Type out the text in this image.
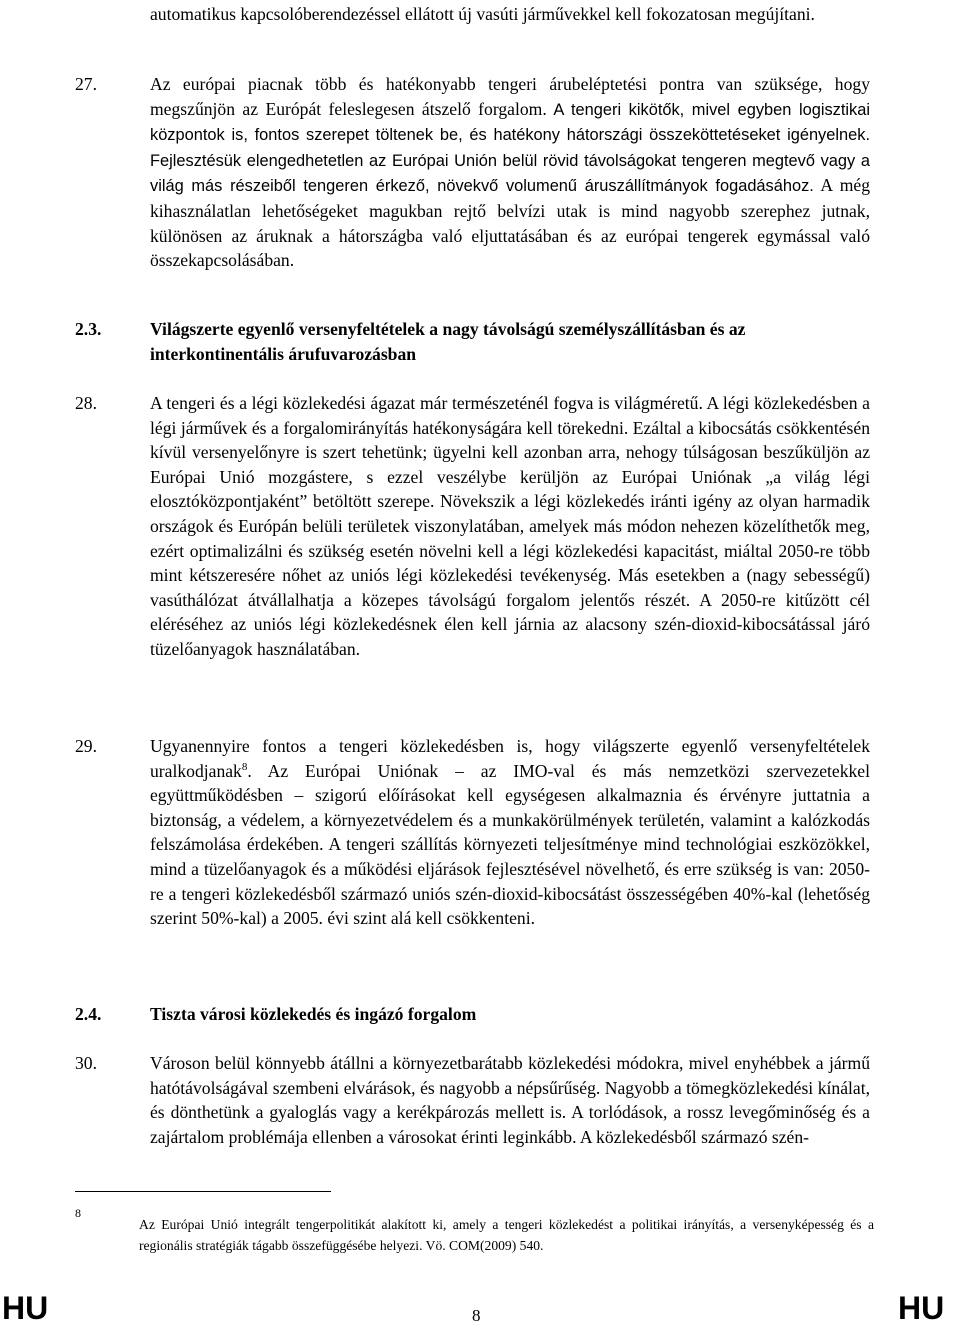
automatikus kapcsolóberendezéssel ellátott új vasúti járművekkel kell fokozatosan megújítani.
27.	Az európai piacnak több és hatékonyabb tengeri árubeléptetési pontra van szüksége, hogy megszűnjön az Európát feleslegesen átszelő forgalom. A tengeri kikötők, mivel egyben logisztikai központok is, fontos szerepet töltenek be, és hatékony hátországi összeköttetéseket igényelnek. Fejlesztésük elengedhetetlen az Európai Unión belül rövid távolságokat tengeren megtevő vagy a világ más részeiből tengeren érkező, növekvő volumenű áruszállítmányok fogadásához. A még kihasználatlan lehetőségeket magukban rejtő belvízi utak is mind nagyobb szerephez jutnak, különösen az áruknak a hátországba való eljuttatásában és az európai tengerek egymással való összekapcsolásában.
2.3.	Világszerte egyenlő versenyfeltételek a nagy távolságú személyszállításban és az interkontinentális árufuvarozásban
28.	A tengeri és a légi közlekedési ágazat már természeténél fogva is világméretű. A légi közlekedésben a légi járművek és a forgalomirányítás hatékonyságára kell törekedni. Ezáltal a kibocsátás csökkentésén kívül versenyelőnyre is szert tehetünk; ügyelni kell azonban arra, nehogy túlságosan beszűküljön az Európai Unió mozgástere, s ezzel veszélybe kerüljön az Európai Uniónak „a világ légi elosztóközpontjaként” betöltött szerepe. Növekszik a légi közlekedés iránti igény az olyan harmadik országok és Európán belüli területek viszonylatában, amelyek más módon nehezen közelíthetők meg, ezért optimalizálni és szükség esetén növelni kell a légi közlekedési kapacitást, miáltal 2050-re több mint kétszeresére nőhet az uniós légi közlekedési tevékenység. Más esetekben a (nagy sebességű) vasúthálózat átvállalhatja a közepes távolságú forgalom jelentős részét. A 2050-re kitűzött cél eléréséhez az uniós légi közlekedésnek élen kell járnia az alacsony szén-dioxid-kibocsátással járó tüzelőanyagok használatában.
29.	Ugyanennyire fontos a tengeri közlekedésben is, hogy világszerte egyenlő versenyfeltételek uralkodjanak$^8$. Az Európai Uniónak – az IMO-val és más nemzetközi szervezetekkel együttműködésben – szigorú előírásokat kell egységesen alkalmaznia és érvényre juttatnia a biztonság, a védelem, a környezetvédelem és a munkakörülmények területén, valamint a kalózkodás felszámolása érdekében. A tengeri szállítás környezeti teljesítménye mind technológiai eszközökkel, mind a tüzelőanyagok és a működési eljárások fejlesztésével növelhető, és erre szükség is van: 2050-re a tengeri közlekedésből származó uniós szén-dioxid-kibocsátást összességében 40%-kal (lehetőség szerint 50%-kal) a 2005. évi szint alá kell csökkenteni.
2.4.	Tiszta városi közlekedés és ingázó forgalom
30.	Városon belül könnyebb átállni a környezetbarátabb közlekedési módokra, mivel enyhébbek a jármű hatótávolságával szembeni elvárások, és nagyobb a népsűrűség. Nagyobb a tömegközlekedési kínálat, és dönthetünk a gyaloglás vagy a kerékpározás mellett is. A torlódások, a rossz levegőminőség és a zajártalom problémája ellenben a városokat érinti leginkább. A közlekedésből származó szén-
8
Az Európai Unió integrált tengerpolitikát alakított ki, amely a tengeri közlekedést a politikai irányítás, a versenyképesség és a regionális stratégiák tágabb összefüggésébe helyezi. Vö. COM(2009) 540.
HU	8	HU
